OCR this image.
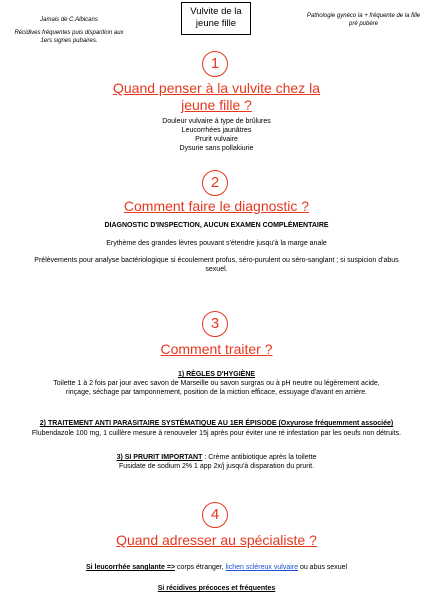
Jamais de C.Albicans
Récidives fréquentes puis disparition aux
1ers signes pubaires.
Vulvite de la
jeune fille
Pathologie gynéco la + fréquente de la fille
pré pubère
1
Quand penser à la vulvite chez la
jeune fille ?
Douleur vulvaire à type de brûlures
Leucorrhées jaunâtres
Prurit vulvaire
Dysurie sans pollakiurie
2
Comment faire le diagnostic ?
DIAGNOSTIC D'INSPECTION, AUCUN EXAMEN COMPLÉMENTAIRE
Erythème des grandes lèvres pouvant s'étendre jusqu'à la marge anale
Prélèvements pour analyse bactériologique si écoulement profus, séro-purulent ou séro-sanglant ; si suspicion d'abus
sexuel.
3
Comment traiter ?
1) RÈGLES D'HYGIÈNE
Toilette 1 à 2 fois par jour avec savon de Marseille ou savon surgras ou à pH neutre ou légèrement acide,
rinçage, séchage par tamponnement, position de la miction efficace, essuyage d'avant en arrière.
2) TRAITEMENT ANTI PARASITAIRE SYSTÉMATIQUE AU 1ER ÉPISODE (Oxyurose fréquemment associée)
Flubendazole 100 mg, 1 cuillère mesure à renouveler 15j après pour éviter une ré infestation par les oeufs non détruits.
3) SI PRURIT IMPORTANT : Crème antibiotique après la toilette
Fusidate de sodium 2% 1 app 2x/j jusqu'à disparation du prurit.
4
Quand adresser au spécialiste ?
Si leucorrhée sanglante => corps étranger, lichen scléreux vulvaire ou abus sexuel
Si récidives précoces et fréquentes
